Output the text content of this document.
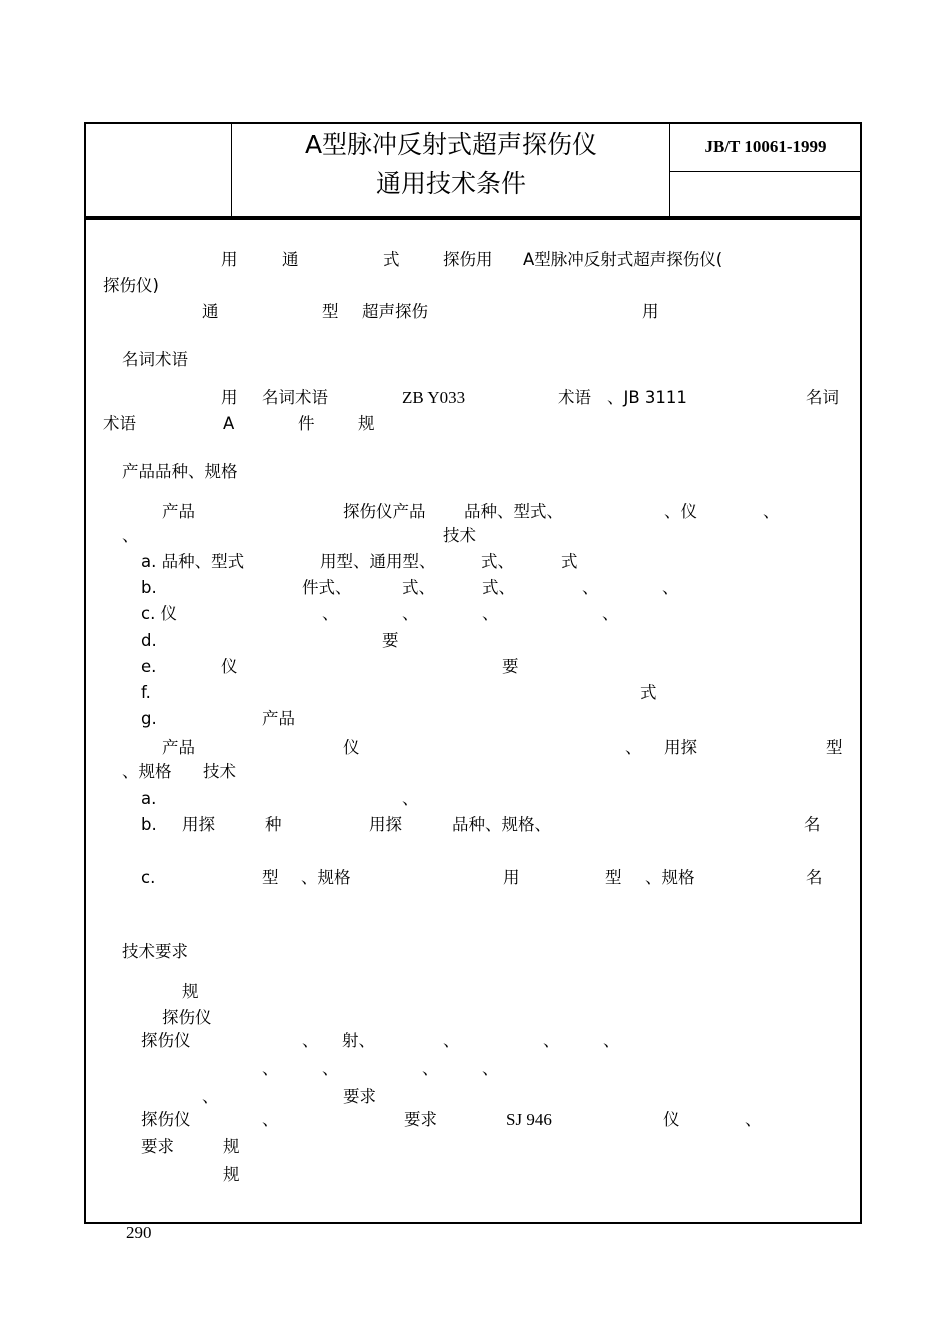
A型脉冲反射式超声探伤仪
通用技术条件
JB/T 10061-1999
用	通	式	探伤用 A型脉冲反射式超声探伤仪(
探伤仪)
通	型 超声探伤	用
名词术语
用 名词术语	ZB Y033	术语 、JB 3111	名词
术语	A	件	规
产品品种、规格
产品	探伤仪产品 品种、型式、	、仪	、
、	技术
a. 品种、型式	用型、通用型、	式、	式
b.	件式、	式、	式、	、	、
c. 仪	、	、	、	、
d.	要
e.	仪	要
f.	式
g.	产品
产品	仪	、 用探	型
、规格 技术
a.	、
b. 用探	种	用探	品种、规格、	名
c.	型 、规格	用	型 、规格	名
技术要求
规
探伤仪
探伤仪	、 射、	、	、	、
、	、	、	、
、	要求
探伤仪	、	要求	SJ 946	仪	、
要求	规
规
290
